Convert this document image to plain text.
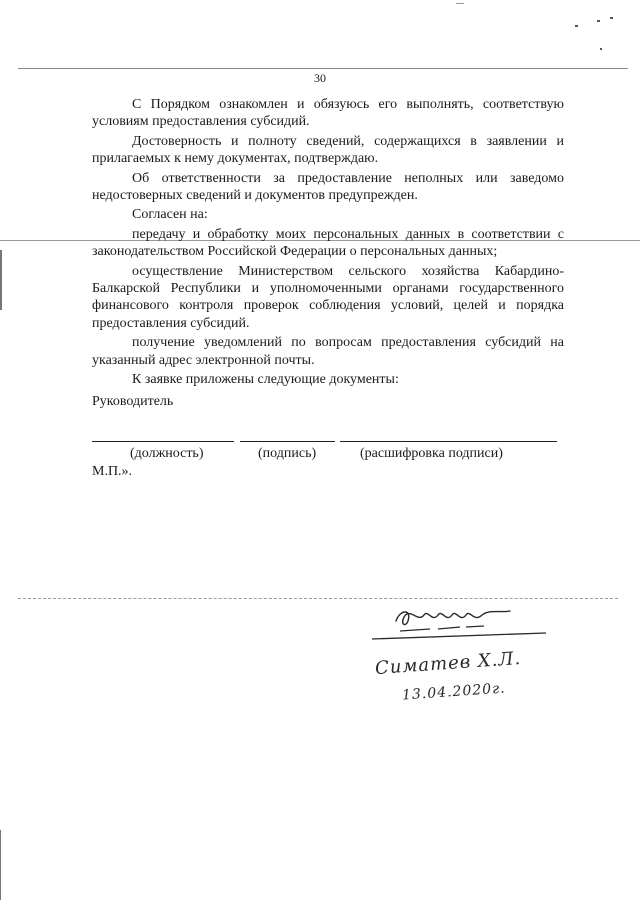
30

С Порядком ознакомлен и обязуюсь его выполнять, соответствую условиям предоставления субсидий.

Достоверность и полноту сведений, содержащихся в заявлении и прилагаемых к нему документах, подтверждаю.

Об ответственности за предоставление неполных или заведомо недостоверных сведений и документов предупрежден.

Согласен на:

передачу и обработку моих персональных данных в соответствии с законодательством Российской Федерации о персональных данных;

осуществление Министерством сельского хозяйства Кабардино-Балкарской Республики и уполномоченными органами государственного финансового контроля проверок соблюдения условий, целей и порядка предоставления субсидий.

получение уведомлений по вопросам предоставления субсидий на указанный адрес электронной почты.

К заявке приложены следующие документы:

Руководитель
(должность)	(подпись)	(расшифровка подписи)
М.П.».
Симатев Х.Л.
13.04.2020г.
